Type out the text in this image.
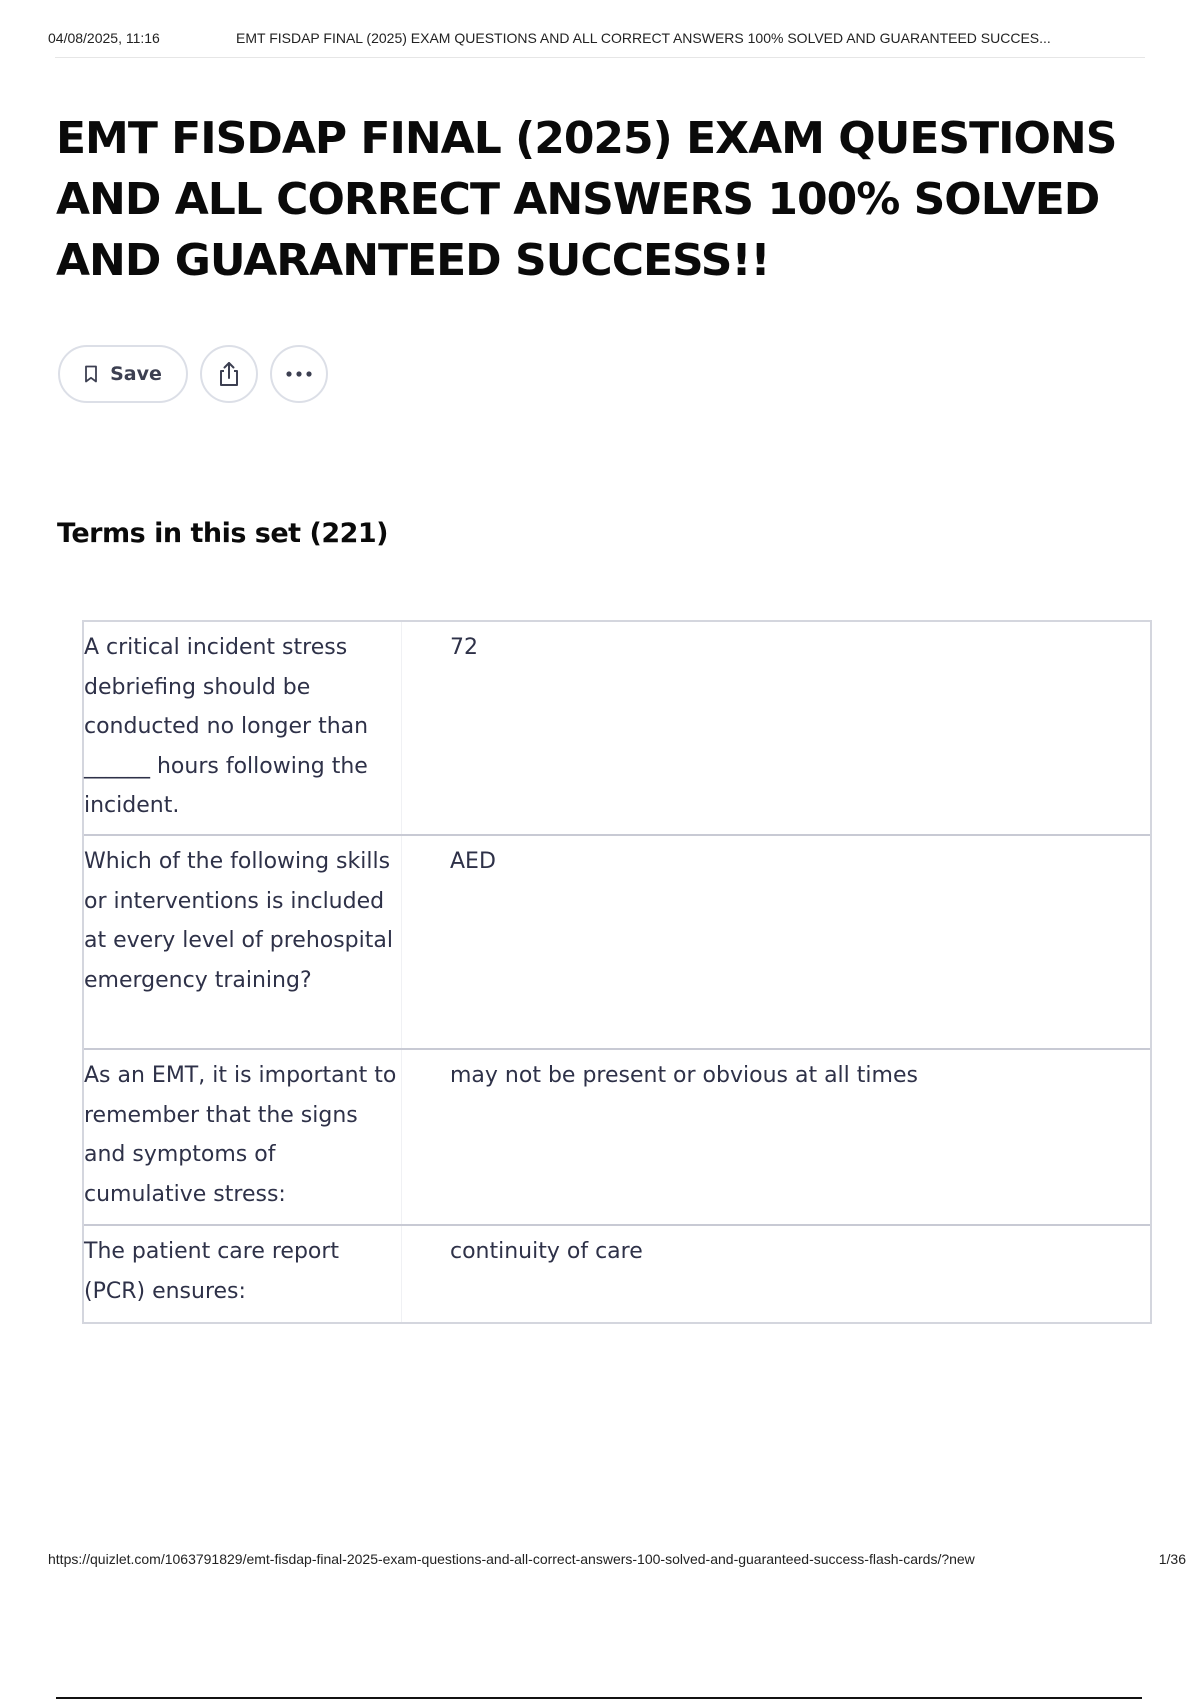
04/08/2025, 11:16	EMT FISDAP FINAL (2025) EXAM QUESTIONS AND ALL CORRECT ANSWERS 100% SOLVED AND GUARANTEED SUCCES...
EMT FISDAP FINAL (2025) EXAM QUESTIONS AND ALL CORRECT ANSWERS 100% SOLVED AND GUARANTEED SUCCESS!!
Save
Terms in this set (221)
A critical incident stress debriefing should be conducted no longer than ______ hours following the incident.
72
Which of the following skills or interventions is included at every level of prehospital emergency training?
AED
As an EMT, it is important to remember that the signs and symptoms of cumulative stress:
may not be present or obvious at all times
The patient care report (PCR) ensures:
continuity of care
https://quizlet.com/1063791829/emt-fisdap-final-2025-exam-questions-and-all-correct-answers-100-solved-and-guaranteed-success-flash-cards/?new	1/36
